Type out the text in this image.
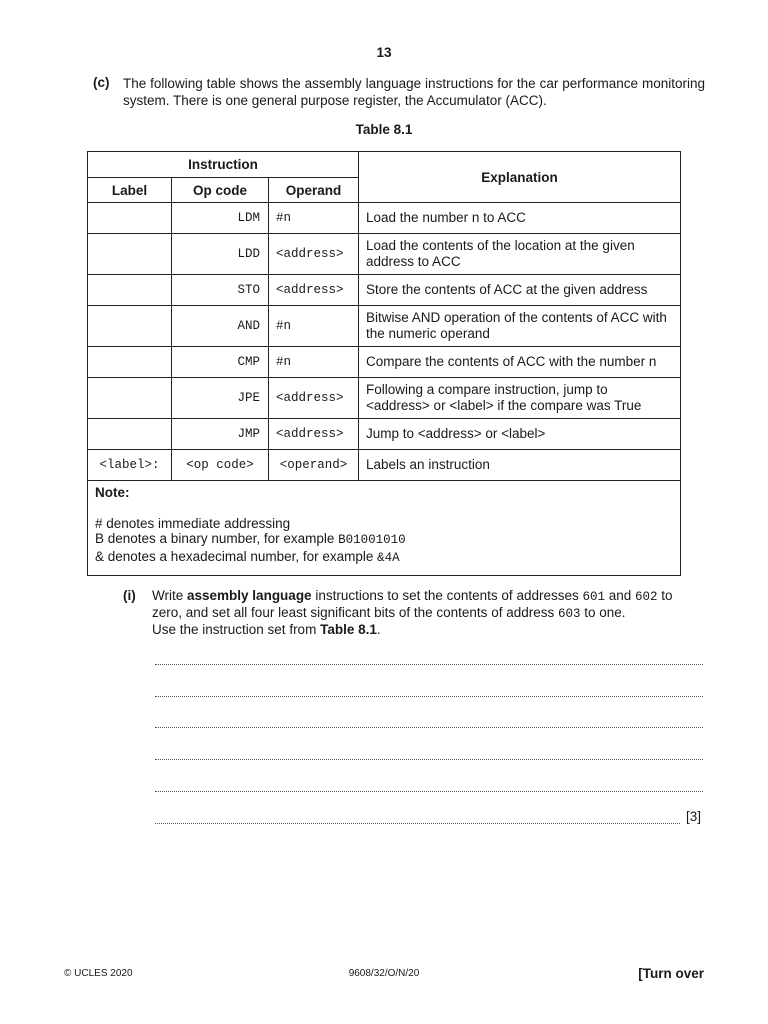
13
(c) The following table shows the assembly language instructions for the car performance monitoring system. There is one general purpose register, the Accumulator (ACC).
Table 8.1
Instruction			Explanation
Label	Op code	Operand	
	LDM	#n	Load the number n to ACC
	LDD	<address>	Load the contents of the location at the given address to ACC
	STO	<address>	Store the contents of ACC at the given address
	AND	#n	Bitwise AND operation of the contents of ACC with the numeric operand
	CMP	#n	Compare the contents of ACC with the number n
	JPE	<address>	Following a compare instruction, jump to <address> or <label> if the compare was True
	JMP	<address>	Jump to <address> or <label>
<label>:	<op code>	<operand>	Labels an instruction

Note:
# denotes immediate addressing
B denotes a binary number, for example B01001010
& denotes a hexadecimal number, for example &4A			
(i) Write assembly language instructions to set the contents of addresses 601 and 602 to zero, and set all four least significant bits of the contents of address 603 to one.
Use the instruction set from Table 8.1.
[3]
© UCLES 2020	9608/32/O/N/20	[Turn over
